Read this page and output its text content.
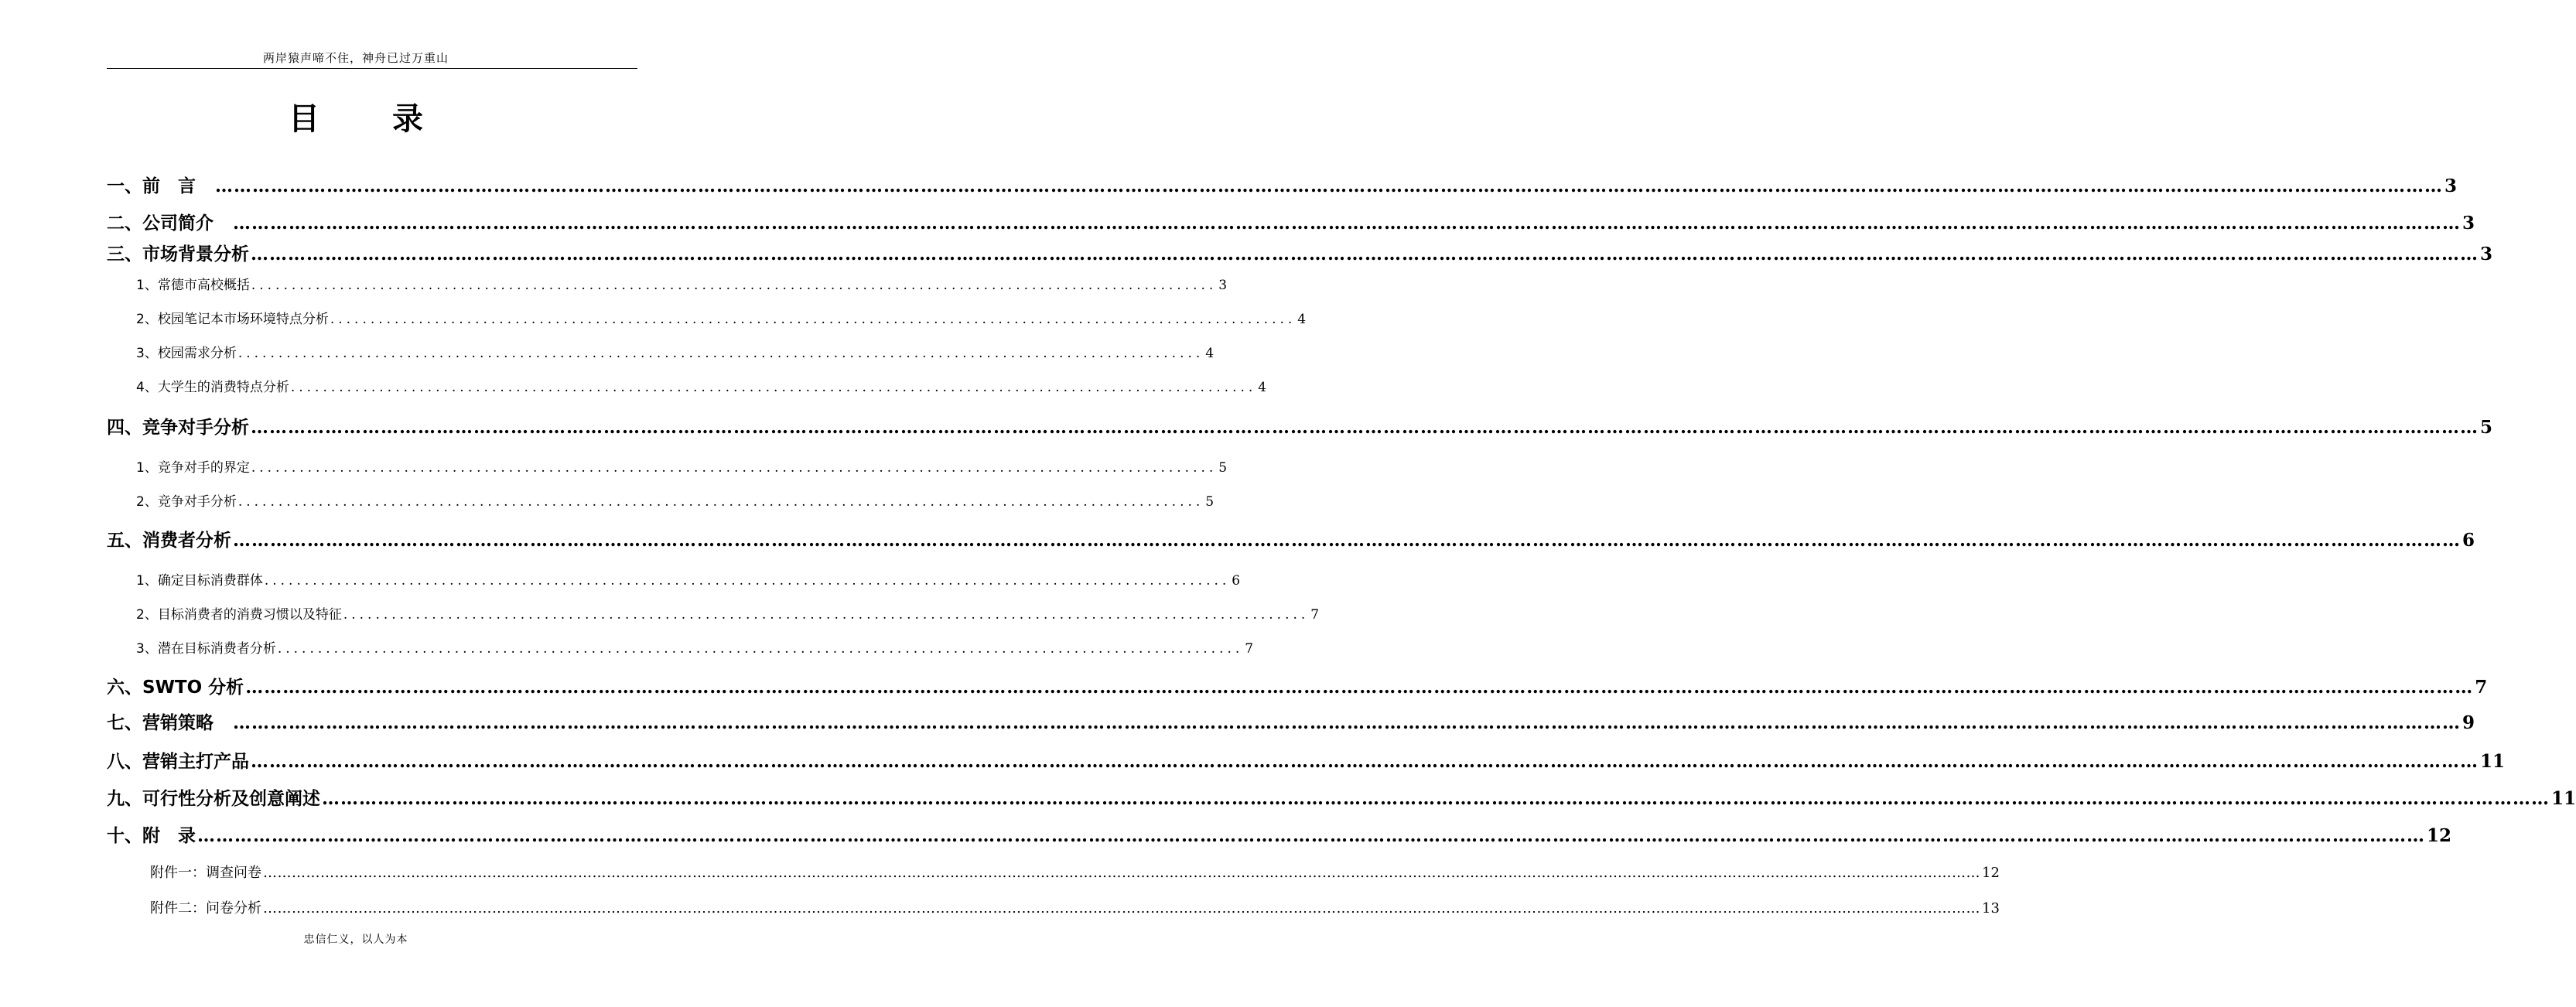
两岸猿声啼不住，神舟已过万重山
目 录
一、前　言　 ……………………………………………………………………………………………………………………………………………………………………………………………………………………………………………………………………………………………………………………………… 3
二、公司简介　 ……………………………………………………………………………………………………………………………………………………………………………………………………………………………………………………………………………………………………………………………… 3
三、市场背景分析 ……………………………………………………………………………………………………………………………………………………………………………………………………………………………………………………………………………………………………………………………… 3
1、常德市高校概括 ........................................................................................................................ 3
2、校园笔记本市场环境特点分析 ........................................................................................................................ 4
3、校园需求分析 ........................................................................................................................ 4
4、大学生的消费特点分析 ........................................................................................................................ 4
四、竞争对手分析 ……………………………………………………………………………………………………………………………………………………………………………………………………………………………………………………………………………………………………………………………… 5
1、竞争对手的界定 ........................................................................................................................ 5
2、竞争对手分析 ........................................................................................................................ 5
五、消费者分析 ……………………………………………………………………………………………………………………………………………………………………………………………………………………………………………………………………………………………………………………………… 6
1、确定目标消费群体 ........................................................................................................................ 6
2、目标消费者的消费习惯以及特征 ........................................................................................................................ 7
3、潜在目标消费者分析 ........................................................................................................................ 7
六、SWTO 分析 ……………………………………………………………………………………………………………………………………………………………………………………………………………………………………………………………………………………………………………………………… 7
七、营销策略　 ……………………………………………………………………………………………………………………………………………………………………………………………………………………………………………………………………………………………………………………………… 9
八、营销主打产品 ……………………………………………………………………………………………………………………………………………………………………………………………………………………………………………………………………………………………………………………………… 11
九、可行性分析及创意阐述 ……………………………………………………………………………………………………………………………………………………………………………………………………………………………………………………………………………………………………………………………… 11
十、附　录 ……………………………………………………………………………………………………………………………………………………………………………………………………………………………………………………………………………………………………………………………… 12
附件一：调查问卷 ……………………………………………………………………………………………………………………………………………………………………………………………………………………………………………………………………………………………………………………………… 12
附件二：问卷分析 ……………………………………………………………………………………………………………………………………………………………………………………………………………………………………………………………………………………………………………………………… 13
忠信仁义，以人为本
